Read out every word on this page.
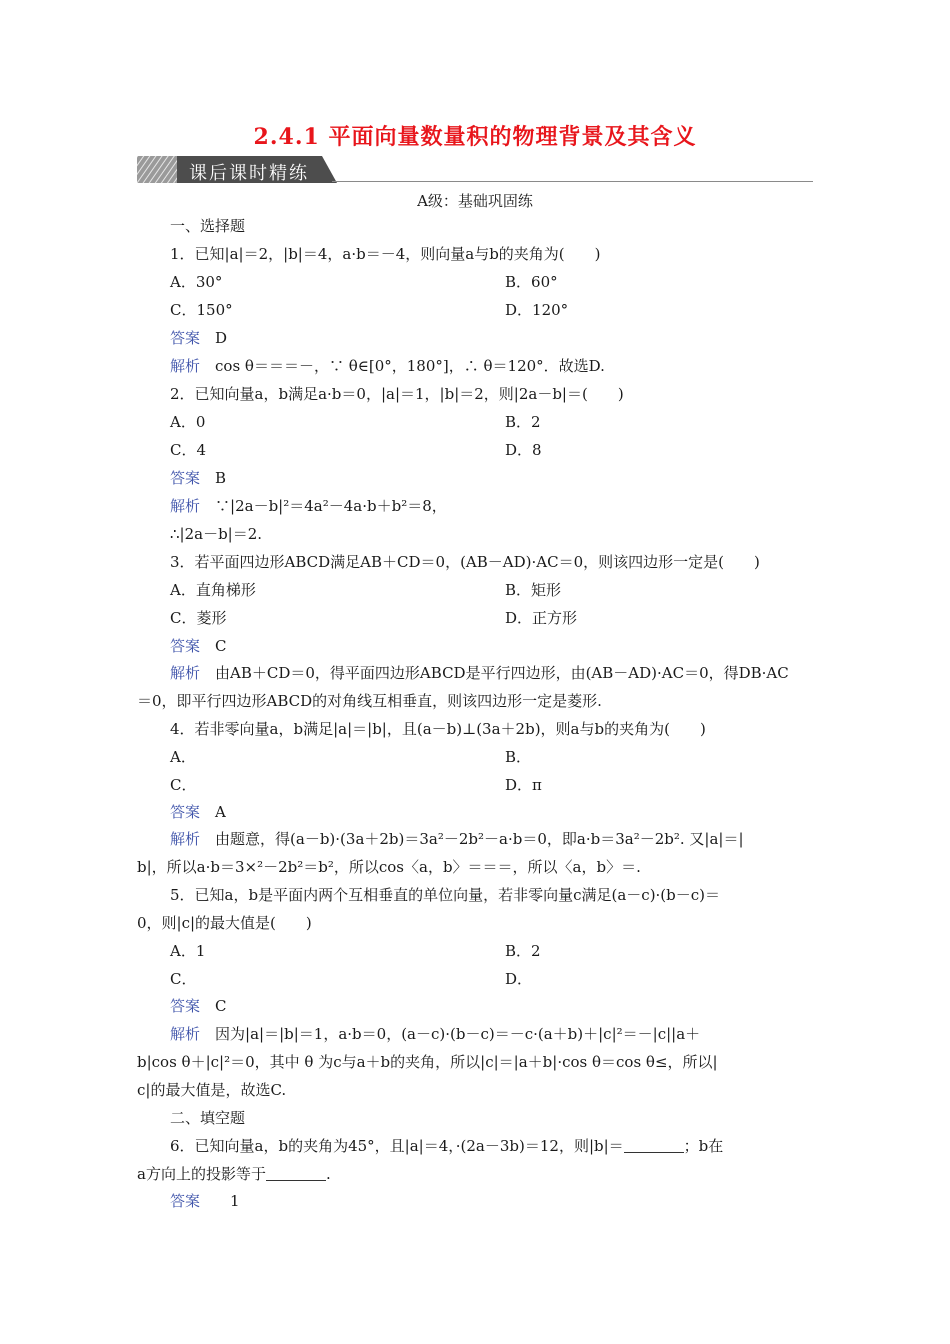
2.4.1 平面向量数量积的物理背景及其含义
课后课时精练
A级：基础巩固练
一、选择题
1．已知|a|＝2，|b|＝4，a·b＝－4，则向量a与b的夹角为(　　)
A．30°	B．60°
C．150°	D．120°
答案　 D
解析　 cos θ＝＝＝－，∵ θ∈[0°，180°]，∴ θ＝120°．故选D.
2．已知向量a，b满足a·b＝0，|a|＝1，|b|＝2，则|2a－b|＝(　　)
A．0	B．2
C．4	D．8
答案　 B
解析　 ∵|2a－b|²＝4a²－4a·b＋b²＝8，
∴|2a－b|＝2.
3．若平面四边形ABCD满足AB＋CD＝0，(AB－AD)·AC＝0，则该四边形一定是(　　)
A．直角梯形	B．矩形
C．菱形	D．正方形
答案　 C
解析　 由AB＋CD＝0，得平面四边形ABCD是平行四边形，由(AB－AD)·AC＝0，得DB·AC
＝0，即平行四边形ABCD的对角线互相垂直，则该四边形一定是菱形.
4．若非零向量a，b满足|a|＝|b|，且(a－b)⊥(3a＋2b)，则a与b的夹角为(　　)
A．	B．
C．	D．π
答案　 A
解析　 由题意，得(a－b)·(3a＋2b)＝3a²－2b²－a·b＝0，即a·b＝3a²－2b². 又|a|＝|
b|，所以a·b＝3×²－2b²＝b²，所以cos〈a，b〉＝＝＝，所以〈a，b〉＝.
5．已知a，b是平面内两个互相垂直的单位向量，若非零向量c满足(a－c)·(b－c)＝
0，则|c|的最大值是(　　)
A．1	B．2
C．	D．
答案　 C
解析　 因为|a|＝|b|＝1，a·b＝0，(a－c)·(b－c)＝－c·(a＋b)＋|c|²＝－|c||a＋
b|cos θ＋|c|²＝0，其中 θ 为c与a＋b的夹角，所以|c|＝|a＋b|·cos θ＝cos θ≤，所以|
c|的最大值是，故选C.
二、填空题
6．已知向量a，b的夹角为45°，且|a|＝4，·(2a－3b)＝12，则|b|＝	；b在
a方向上的投影等于	.
答案　　 1
